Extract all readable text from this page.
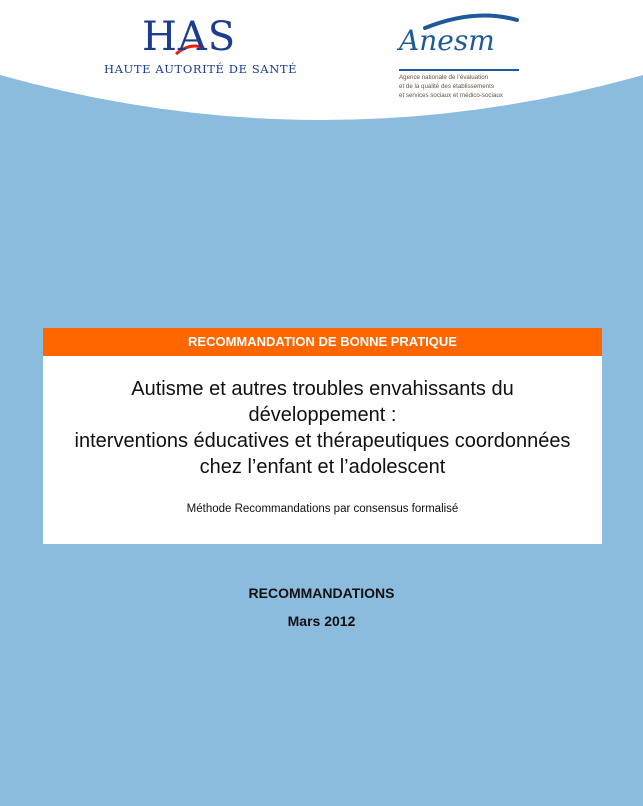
HAS
HAUTE AUTORITÉ DE SANTÉ
Anesm
Agence nationale de l’évaluation
et de la qualité des établissements
et services sociaux et médico-sociaux
RECOMMANDATION DE BONNE PRATIQUE
Autisme et autres troubles envahissants du
développement :
interventions éducatives et thérapeutiques coordonnées
chez l’enfant et l’adolescent
Méthode Recommandations par consensus formalisé
RECOMMANDATIONS
Mars 2012
